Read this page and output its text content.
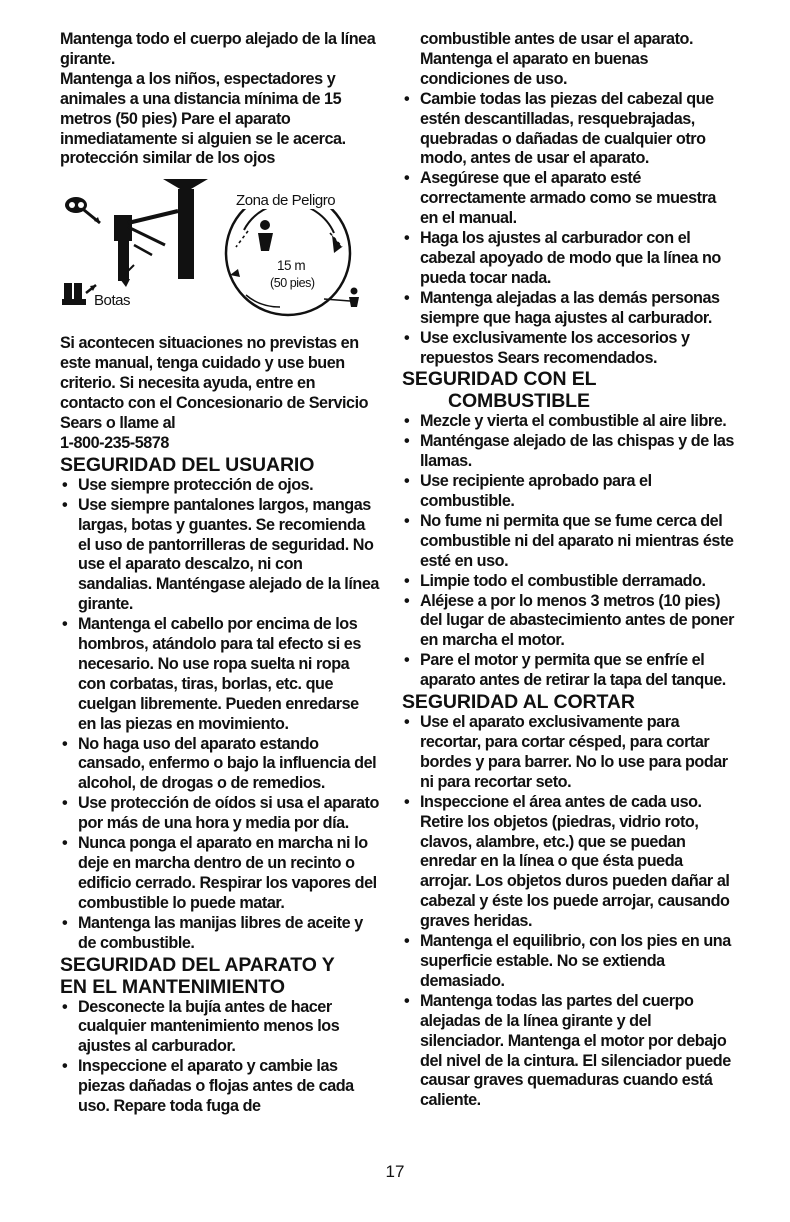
Mantenga todo el cuerpo alejado de la línea girante.

Mantenga a los niños, espectadores y animales a una distancia mínima de 15 metros (50 pies) Pare el aparato inmediatamente si alguien se le acerca.

protección similar de los ojos

Botas
Zona de Peligro
15 m
(50 pies)

Si acontecen situaciones no previstas en este manual, tenga cuidado y use buen criterio. Si necesita ayuda, entre en contacto con el Concesionario de Servicio Sears o llame al

1-800-235-5878

SEGURIDAD DEL USUARIO
• Use siempre protección de ojos.
• Use siempre pantalones largos, mangas largas, botas y guantes. Se recomienda el uso de pantorrilleras de seguridad. No use el aparato descalzo, ni con sandalias. Manténgase alejado de la línea girante.
• Mantenga el cabello por encima de los hombros, atándolo para tal efecto si es necesario. No use ropa suelta ni ropa con corbatas, tiras, borlas, etc. que cuelgan libremente. Pueden enredarse en las piezas en movimiento.
• No haga uso del aparato estando cansado, enfermo o bajo la influencia del alcohol, de drogas o de remedios.
• Use protección de oídos si usa el aparato por más de una hora y media por día.
• Nunca ponga el aparato en marcha ni lo deje en marcha dentro de un recinto o edificio cerrado. Respirar los vapores del combustible lo puede matar.
• Mantenga las manijas libres de aceite y de combustible.
SEGURIDAD DEL APARATO Y
EN EL MANTENIMIENTO
• Desconecte la bujía antes de hacer cualquier mantenimiento menos los ajustes al carburador.
• Inspeccione el aparato y cambie las piezas dañadas o flojas antes de cada uso. Repare toda fuga de

combustible antes de usar el aparato. Mantenga el aparato en buenas condiciones de uso.

• Cambie todas las piezas del cabezal que estén descantilladas, resquebrajadas, quebradas o dañadas de cualquier otro modo, antes de usar el aparato.
• Asegúrese que el aparato esté correctamente armado como se muestra en el manual.
• Haga los ajustes al carburador con el cabezal apoyado de modo que la línea no pueda tocar nada.
• Mantenga alejadas a las demás personas siempre que haga ajustes al carburador.
• Use exclusivamente los accesorios y repuestos Sears recomendados.
SEGURIDAD CON EL
COMBUSTIBLE
• Mezcle y vierta el combustible al aire libre.
• Manténgase alejado de las chispas y de las llamas.
• Use recipiente aprobado para el combustible.
• No fume ni permita que se fume cerca del combustible ni del aparato ni mientras éste esté en uso.
• Limpie todo el combustible derramado.
• Aléjese a por lo menos 3 metros (10 pies) del lugar de abastecimiento antes de poner en marcha el motor.
• Pare el motor y permita que se enfríe el aparato antes de retirar la tapa del tanque.
SEGURIDAD AL CORTAR
• Use el aparato exclusivamente para recortar, para cortar césped, para cortar bordes y para barrer. No lo use para podar ni para recortar seto.
• Inspeccione el área antes de cada uso. Retire los objetos (piedras, vidrio roto, clavos, alambre, etc.) que se puedan enredar en la línea o que ésta pueda arrojar. Los objetos duros pueden dañar al cabezal y éste los puede arrojar, causando graves heridas.
• Mantenga el equilibrio, con los pies en una superficie estable. No se extienda demasiado.
• Mantenga todas las partes del cuerpo alejadas de la línea girante y del silenciador. Mantenga el motor por debajo del nivel de la cintura. El silenciador puede causar graves quemaduras cuando está caliente.
17
